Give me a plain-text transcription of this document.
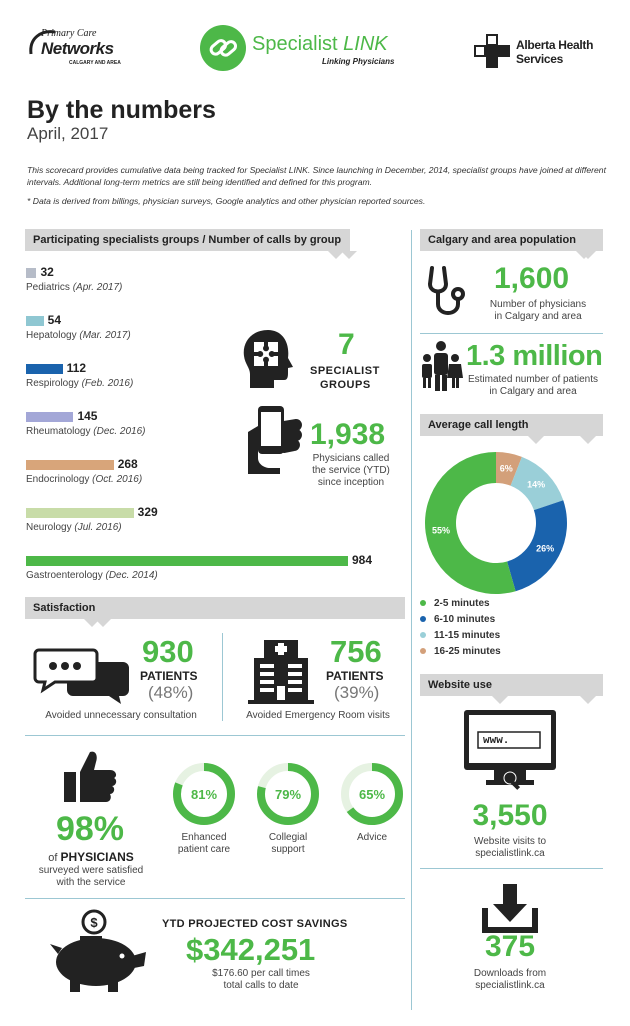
Primary Care
Networks
CALGARY AND AREA
Specialist LINK
Linking Physicians
Alberta Health
Services
By the numbers
April, 2017
This scorecard provides cumulative data being tracked for Specialist LINK. Since launching in December, 2014, specialist groups have joined at different intervals. Additional long-term metrics are still being identified and defined for this program.
* Data is derived from billings, physician surveys, Google analytics and other physician reported sources.
Participating specialists groups / Number of calls by group
32
Pediatrics (Apr. 2017)
54
Hepatology (Mar. 2017)
112
Respirology (Feb. 2016)
145
Rheumatology (Dec. 2016)
268
Endocrinology (Oct. 2016)
329
Neurology (Jul. 2016)
984
Gastroenterology (Dec. 2014)
7
SPECIALIST
GROUPS
1,938
Physicians called
the service (YTD)
since inception
Calgary and area population
1,600
Number of physicians
in Calgary and area
1.3 million
Estimated number of patients
in Calgary and area
Average call length
6%
14%
26%
55%
2-5 minutes
6-10 minutes
11-15 minutes
16-25 minutes
Website use
www.
3,550
Website visits to
specialistlink.ca
375
Downloads from
specialistlink.ca
Satisfaction
930
PATIENTS
(48%)
Avoided unnecessary consultation
756
PATIENTS
(39%)
Avoided Emergency Room visits
98%
of PHYSICIANS
surveyed were satisfied
with the service
81%
Enhanced
patient care
79%
Collegial
support
65%
Advice
$	YTD PROJECTED COST SAVINGS
$342,251
$176.60 per call times
total calls to date
